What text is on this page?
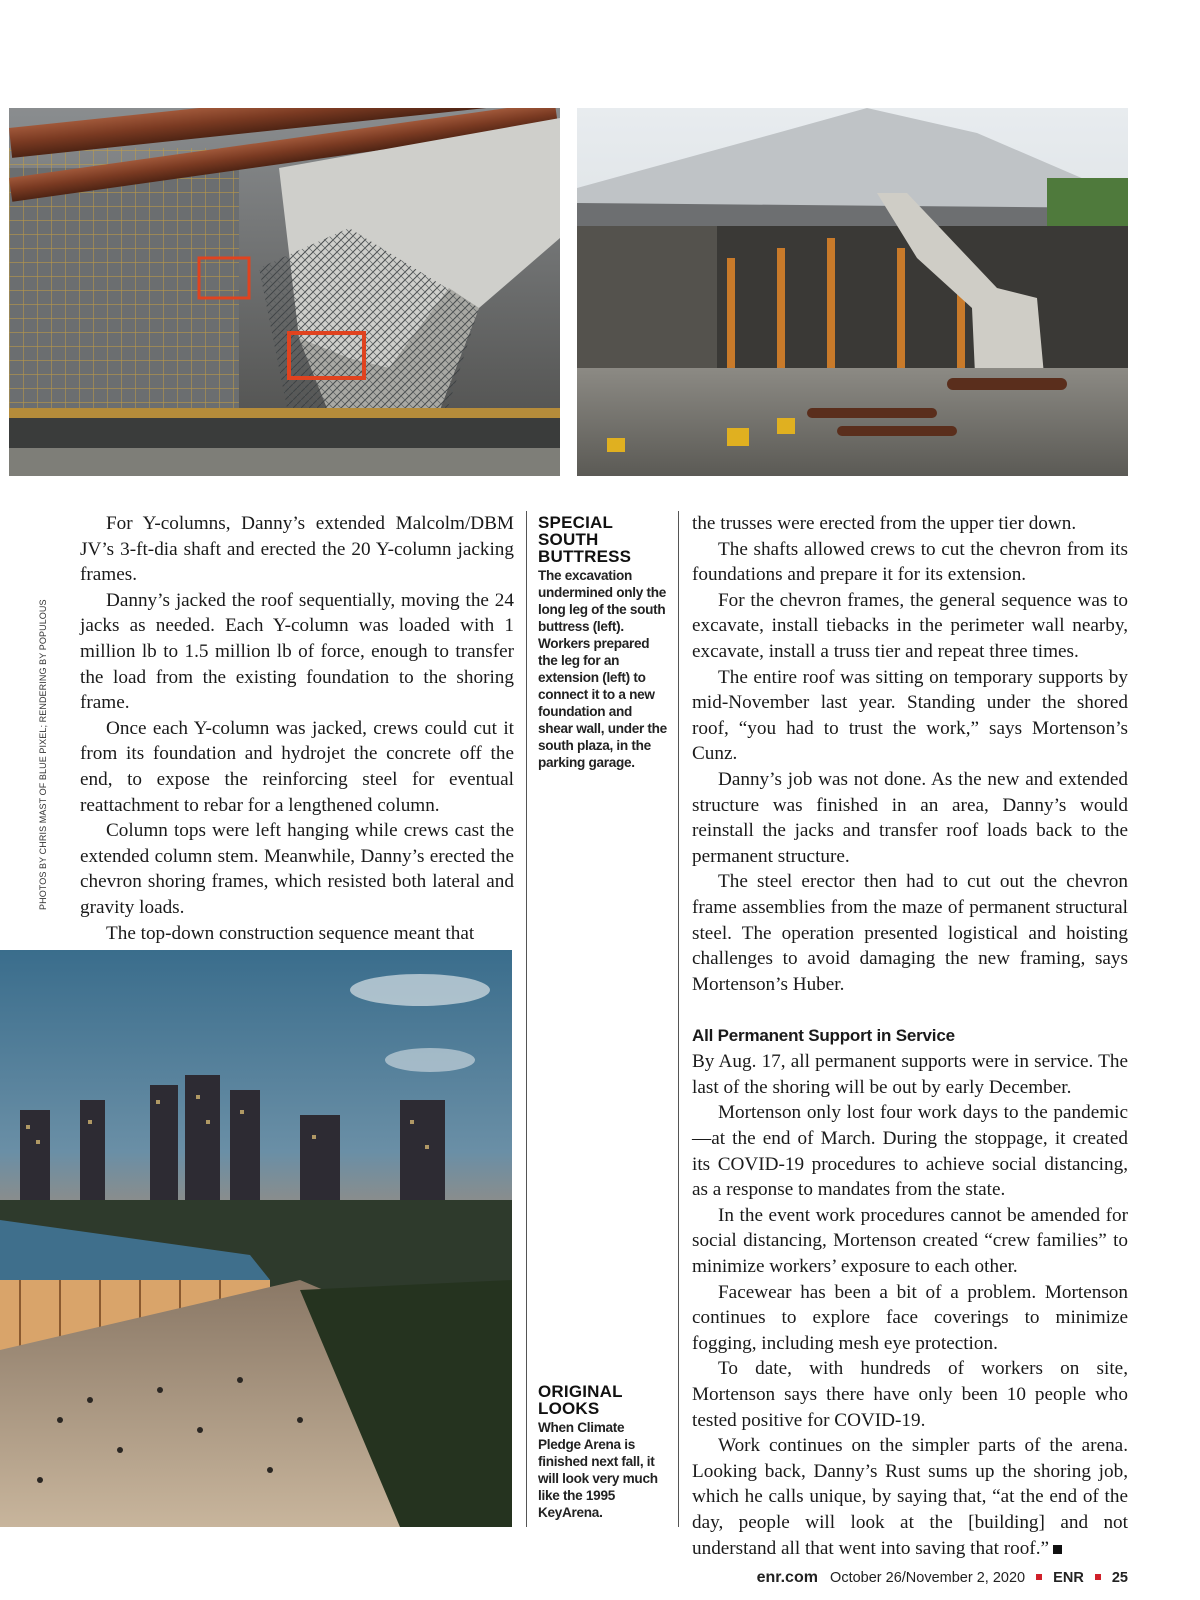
PHOTOS BY CHRIS MAST OF BLUE PIXEL; RENDERING BY POPULOUS

For Y-columns, Danny’s extended Malcolm/DBM JV’s 3-ft-dia shaft and erected the 20 Y-column jacking frames.

Danny’s jacked the roof sequentially, moving the 24 jacks as needed. Each Y-column was loaded with 1 million lb to 1.5 million lb of force, enough to transfer the load from the existing foundation to the shoring frame.

Once each Y-column was jacked, crews could cut it from its foundation and hydrojet the concrete off the end, to expose the reinforcing steel for eventual reattachment to rebar for a lengthened column.

Column tops were left hanging while crews cast the extended column stem. Meanwhile, Danny’s erected the chevron shoring frames, which resisted both lateral and gravity loads.

The top-down construction sequence meant that

SPECIAL SOUTH BUTTRESS
The excavation undermined only the long leg of the south buttress (left). Workers prepared the leg for an extension (left) to connect it to a new foundation and shear wall, under the south plaza, in the parking garage.
ORIGINAL LOOKS
When Climate Pledge Arena is finished next fall, it will look very much like the 1995 KeyArena.

the trusses were erected from the upper tier down.

The shafts allowed crews to cut the chevron from its foundations and prepare it for its extension.

For the chevron frames, the general sequence was to excavate, install tiebacks in the perimeter wall nearby, excavate, install a truss tier and repeat three times.

The entire roof was sitting on temporary supports by mid-November last year. Standing under the shored roof, “you had to trust the work,” says Mortenson’s Cunz.

Danny’s job was not done. As the new and extended structure was finished in an area, Danny’s would reinstall the jacks and transfer roof loads back to the permanent structure.

The steel erector then had to cut out the chevron frame assemblies from the maze of permanent structural steel. The operation presented logistical and hoisting challenges to avoid damaging the new framing, says Mortenson’s Huber.

All Permanent Support in Service

By Aug. 17, all permanent supports were in service. The last of the shoring will be out by early December.

Mortenson only lost four work days to the pandemic—at the end of March. During the stoppage, it created its COVID-19 procedures to achieve social distancing, as a response to mandates from the state.

In the event work procedures cannot be amended for social distancing, Mortenson created “crew families” to minimize workers’ exposure to each other.

Facewear has been a bit of a problem. Mortenson continues to explore face coverings to minimize fogging, including mesh eye protection.

To date, with hundreds of workers on site, Mortenson says there have only been 10 people who tested positive for COVID-19.

Work continues on the simpler parts of the arena. Looking back, Danny’s Rust sums up the shoring job, which he calls unique, by saying that, “at the end of the day, people will look at the [building] and not understand all that went into saving that roof.”

enr.com October 26/November 2, 2020 ENR 25
